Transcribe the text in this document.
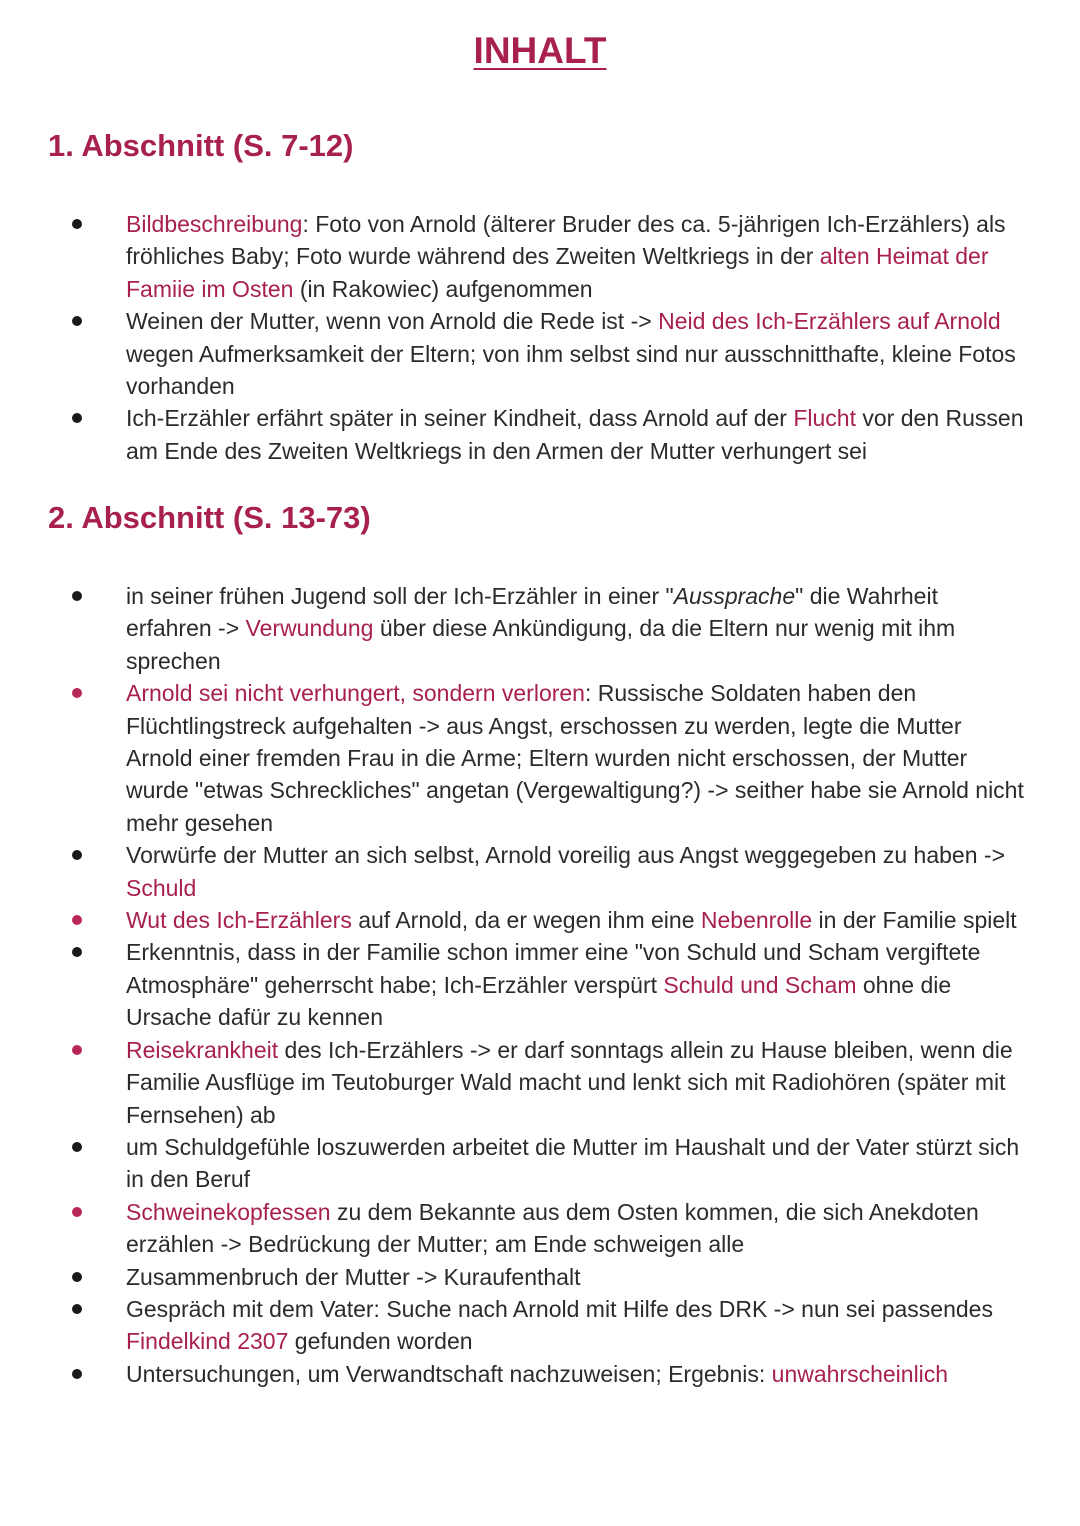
INHALT
1. Abschnitt (S. 7-12)
Bildbeschreibung: Foto von Arnold (älterer Bruder des ca. 5-jährigen Ich-Erzählers) als fröhliches Baby; Foto wurde während des Zweiten Weltkriegs in der alten Heimat der Famiie im Osten (in Rakowiec) aufgenommen
Weinen der Mutter, wenn von Arnold die Rede ist -> Neid des Ich-Erzählers auf Arnold wegen Aufmerksamkeit der Eltern; von ihm selbst sind nur ausschnitthafte, kleine Fotos vorhanden
Ich-Erzähler erfährt später in seiner Kindheit, dass Arnold auf der Flucht vor den Russen am Ende des Zweiten Weltkriegs in den Armen der Mutter verhungert sei
2. Abschnitt (S. 13-73)
in seiner frühen Jugend soll der Ich-Erzähler in einer "Aussprache" die Wahrheit erfahren -> Verwundung über diese Ankündigung, da die Eltern nur wenig mit ihm sprechen
Arnold sei nicht verhungert, sondern verloren: Russische Soldaten haben den Flüchtlingstreck aufgehalten -> aus Angst, erschossen zu werden, legte die Mutter Arnold einer fremden Frau in die Arme; Eltern wurden nicht erschossen, der Mutter wurde "etwas Schreckliches" angetan (Vergewaltigung?) -> seither habe sie Arnold nicht mehr gesehen
Vorwürfe der Mutter an sich selbst, Arnold voreilig aus Angst weggegeben zu haben -> Schuld
Wut des Ich-Erzählers auf Arnold, da er wegen ihm eine Nebenrolle in der Familie spielt
Erkenntnis, dass in der Familie schon immer eine "von Schuld und Scham vergiftete Atmosphäre" geherrscht habe; Ich-Erzähler verspürt Schuld und Scham ohne die Ursache dafür zu kennen
Reisekrankheit des Ich-Erzählers -> er darf sonntags allein zu Hause bleiben, wenn die Familie Ausflüge im Teutoburger Wald macht und lenkt sich mit Radiohören (später mit Fernsehen) ab
um Schuldgefühle loszuwerden arbeitet die Mutter im Haushalt und der Vater stürzt sich in den Beruf
Schweinekopfessen zu dem Bekannte aus dem Osten kommen, die sich Anekdoten erzählen -> Bedrückung der Mutter; am Ende schweigen alle
Zusammenbruch der Mutter -> Kuraufenthalt
Gespräch mit dem Vater: Suche nach Arnold mit Hilfe des DRK -> nun sei passendes Findelkind 2307 gefunden worden
Untersuchungen, um Verwandtschaft nachzuweisen; Ergebnis: unwahrscheinlich
